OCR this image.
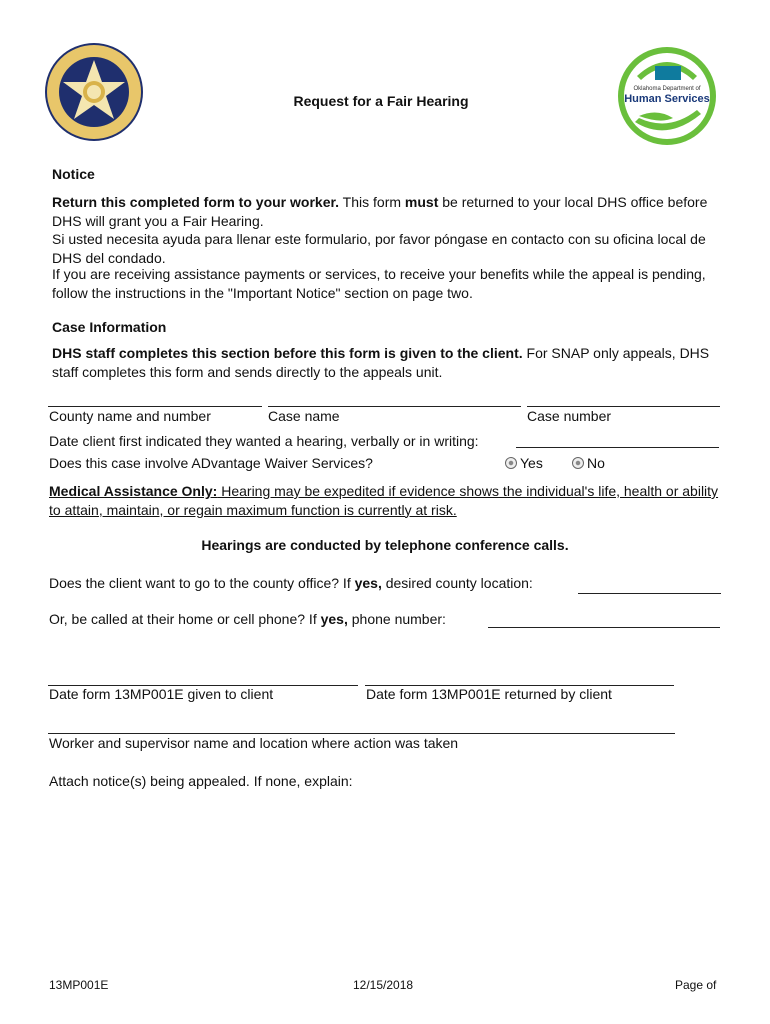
Request for a Fair Hearing
Oklahoma Department of
Human Services
Notice
Return this completed form to your worker. This form must be returned to your local DHS office before DHS will grant you a Fair Hearing.
Si usted necesita ayuda para llenar este formulario, por favor póngase en contacto con su oficina local de DHS del condado.
If you are receiving assistance payments or services, to receive your benefits while the appeal is pending, follow the instructions in the "Important Notice" section on page two.
Case Information
DHS staff completes this section before this form is given to the client. For SNAP only appeals, DHS staff completes this form and sends directly to the appeals unit.
County name and number	Case name	Case number
Date client first indicated they wanted a hearing, verbally or in writing:
Does this case involve ADvantage Waiver Services?	Yes	No
Medical Assistance Only: Hearing may be expedited if evidence shows the individual's life, health or ability to attain, maintain, or regain maximum function is currently at risk.
Hearings are conducted by telephone conference calls.
Does the client want to go to the county office? If yes, desired county location:
Or, be called at their home or cell phone? If yes, phone number:
Date form 13MP001E given to client	Date form 13MP001E returned by client
Worker and supervisor name and location where action was taken
Attach notice(s) being appealed. If none, explain:
13MP001E	12/15/2018	Page of
